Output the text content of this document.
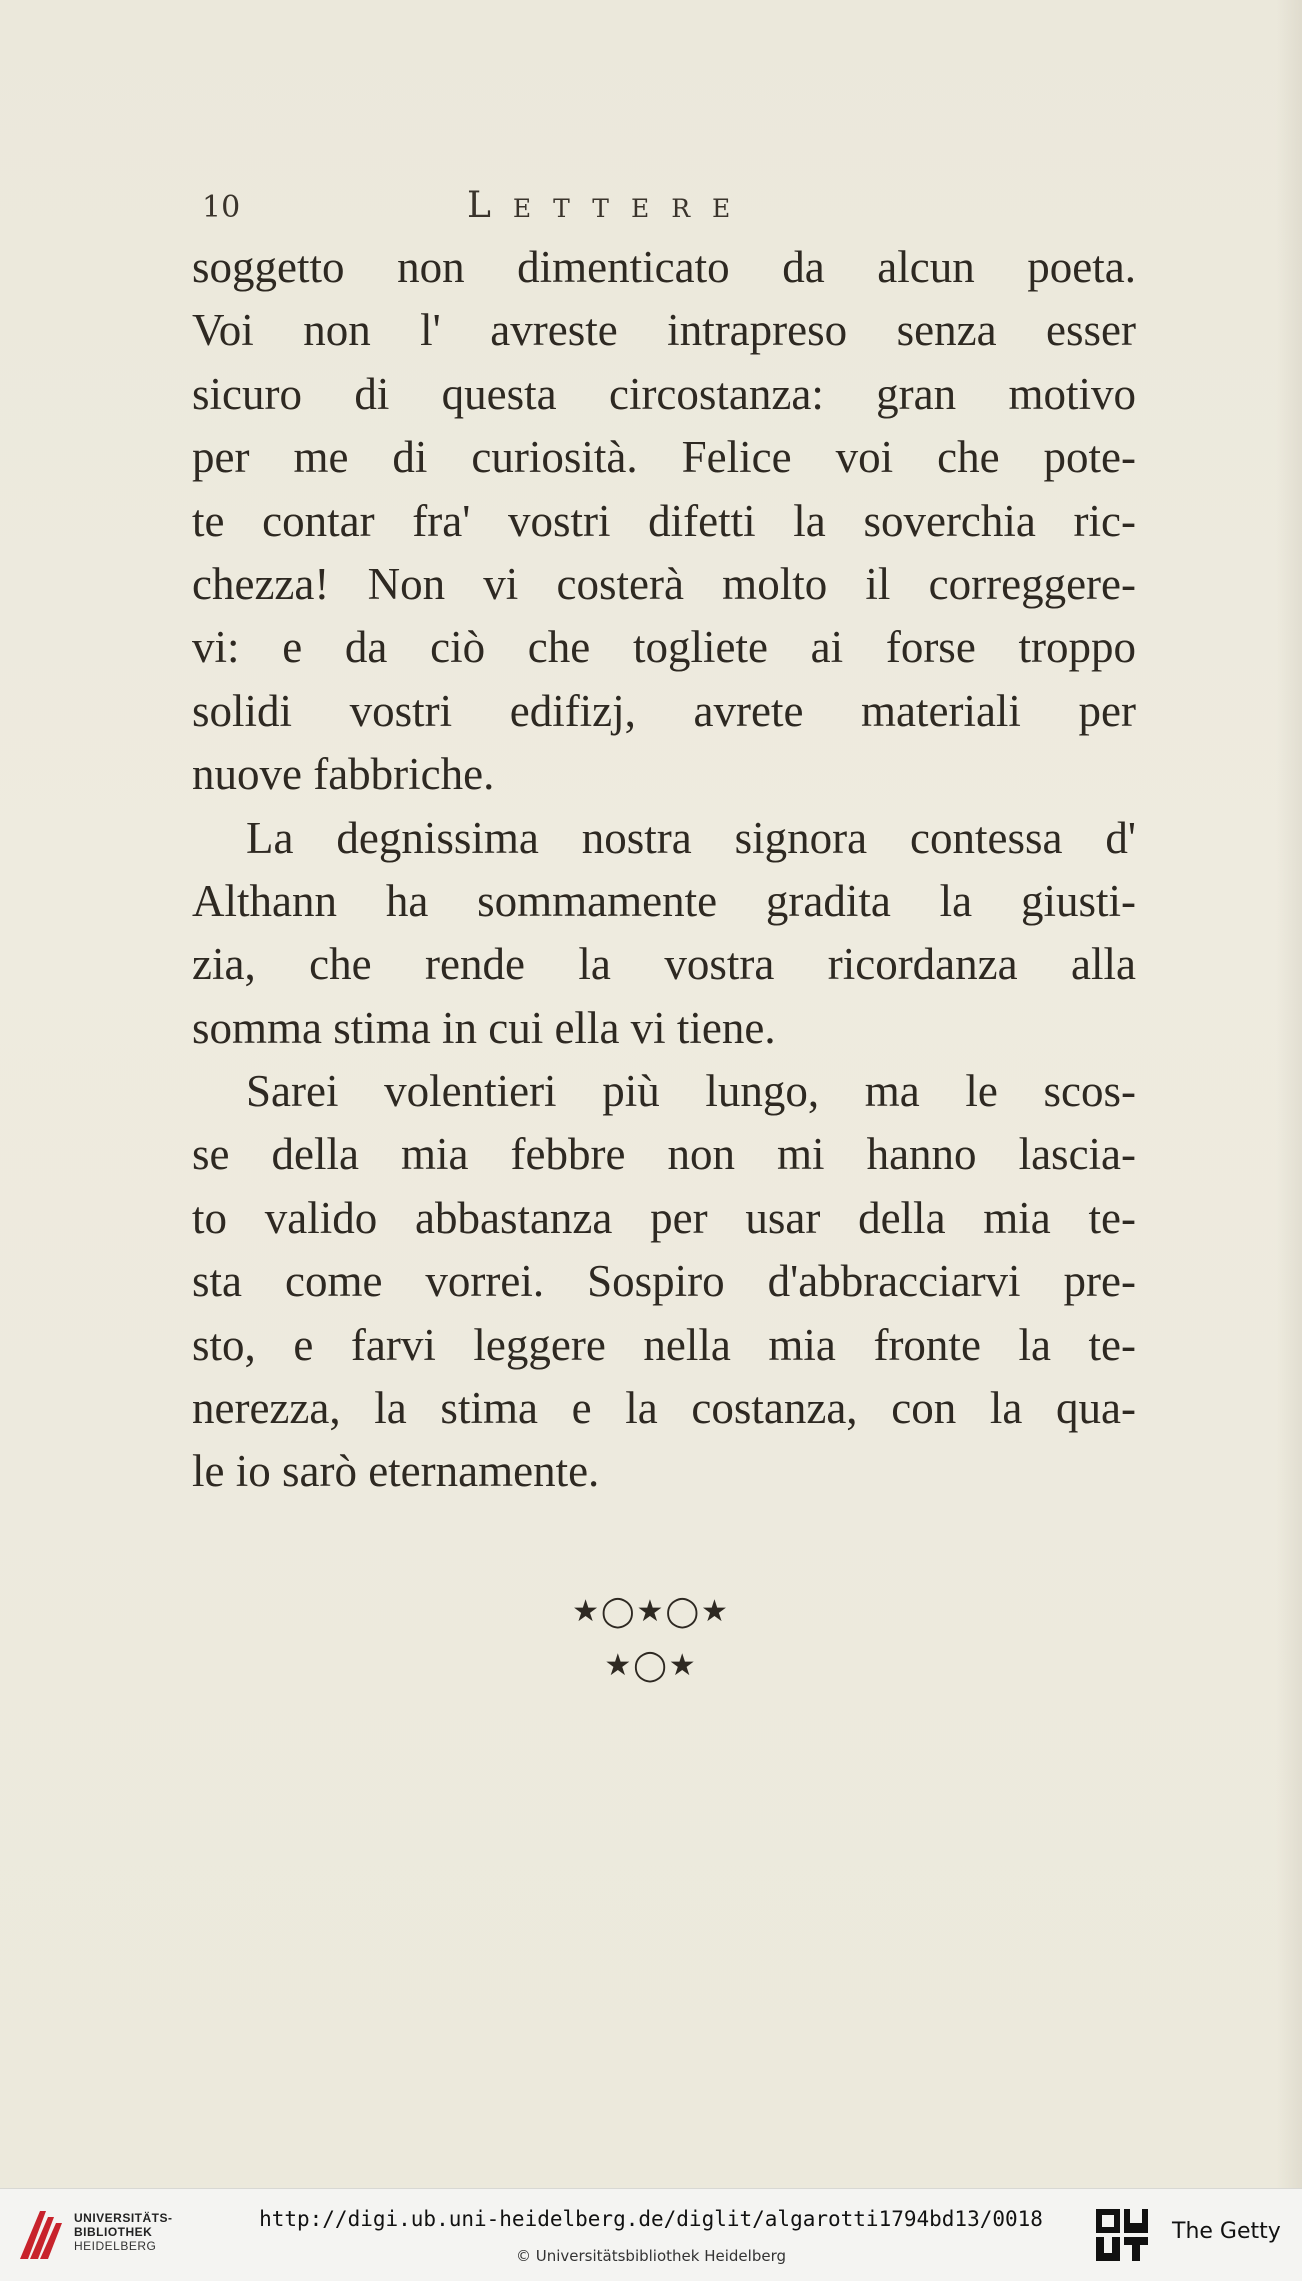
10	Lettere
soggetto non dimenticato da alcun poeta.
Voi non l' avreste intrapreso senza esser
sicuro di questa circostanza: gran motivo
per me di curiosità. Felice voi che pote-
te contar fra' vostri difetti la soverchia ric-
chezza! Non vi costerà molto il correggere-
vi: e da ciò che togliete ai forse troppo
solidi vostri edifizj, avrete materiali per
nuove fabbriche.
La degnissima nostra signora contessa d'
Althann ha sommamente gradita la giusti-
zia, che rende la vostra ricordanza alla
somma stima in cui ella vi tiene.
Sarei volentieri più lungo, ma le scos-
se della mia febbre non mi hanno lascia-
to valido abbastanza per usar della mia te-
sta come vorrei. Sospiro d'abbracciarvi pre-
sto, e farvi leggere nella mia fronte la te-
nerezza, la stima e la costanza, con la qua-
le io sarò eternamente.
★◯★◯★
★◯★
UNIVERSITÄTS-
BIBLIOTHEK
HEIDELBERG
http://digi.ub.uni-heidelberg.de/diglit/algarotti1794bd13/0018
© Universitätsbibliothek Heidelberg
The Getty
